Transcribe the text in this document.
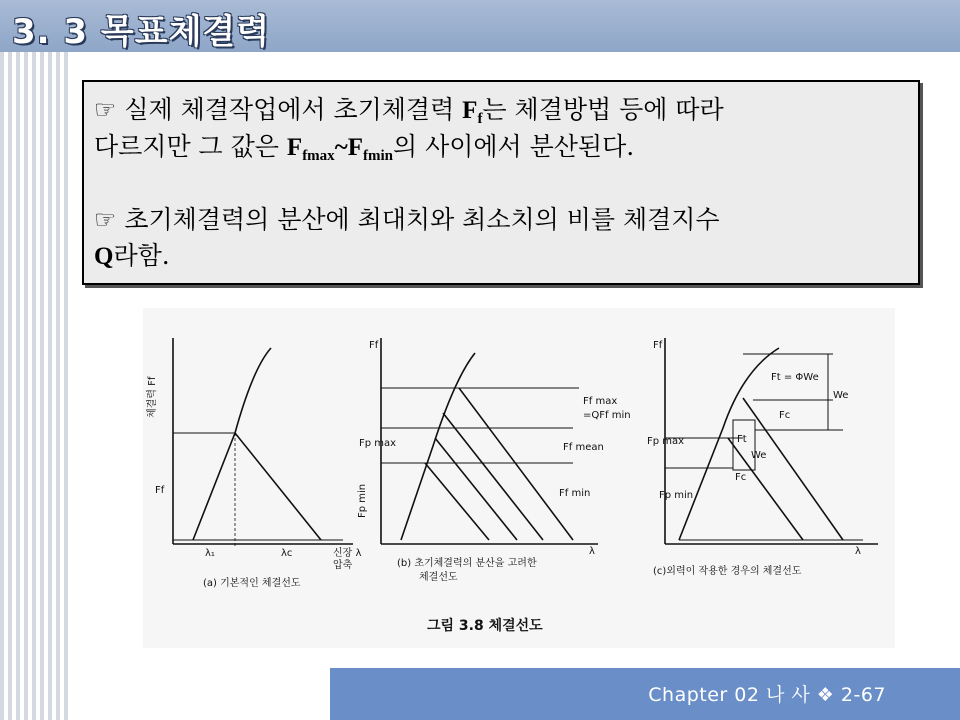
3. 3 목표체결력

☞ 실제 체결작업에서 초기체결력 $F_f$는 체결방법 등에 따라
다르지만 그 값은 $F_{fmax}\sim F_{fmin}$의 사이에서 분산된다.

☞ 초기체결력의 분산에 최대치와 최소치의 비를 체결지수
Q라함.

체결력 Ff
Ff
λ₁	λc	신장 λ
압축
(a) 기본적인 체결선도
Ff
Fp max
Fp min
Ff max
=QFf min
Ff mean
Ff min
λ
(b) 초기체결력의 분산을 고려한
체결선도
Ff
Ft = ΦWe
We
Fc
Ft
We
Fc
Fp max
Fp min
λ
(c)외력이 작용한 경우의 체결선도
그림 3.8 체결선도
Chapter 02 나 사 ❖ 2-67
